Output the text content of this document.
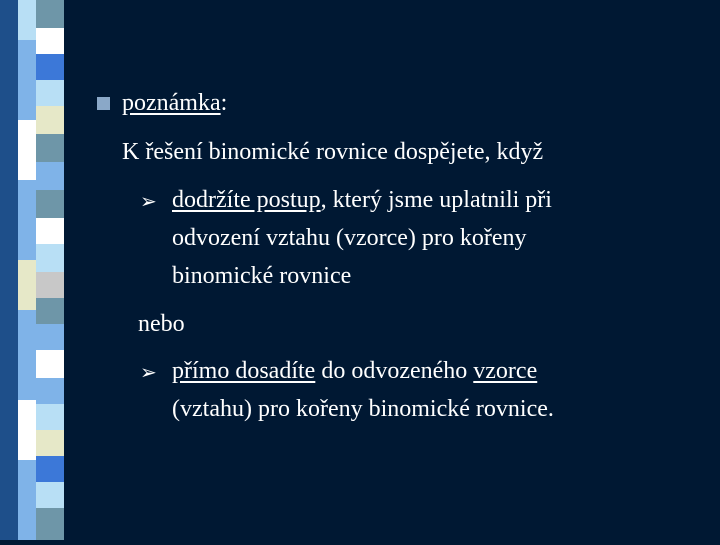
poznámka:
K řešení binomické rovnice dospějete, když
➢ dodržíte postup, který jsme uplatnili při
odvození vztahu (vzorce) pro kořeny
binomické rovnice
nebo
➢ přímo dosadíte do odvozeného vzorce
(vztahu) pro kořeny binomické rovnice.
